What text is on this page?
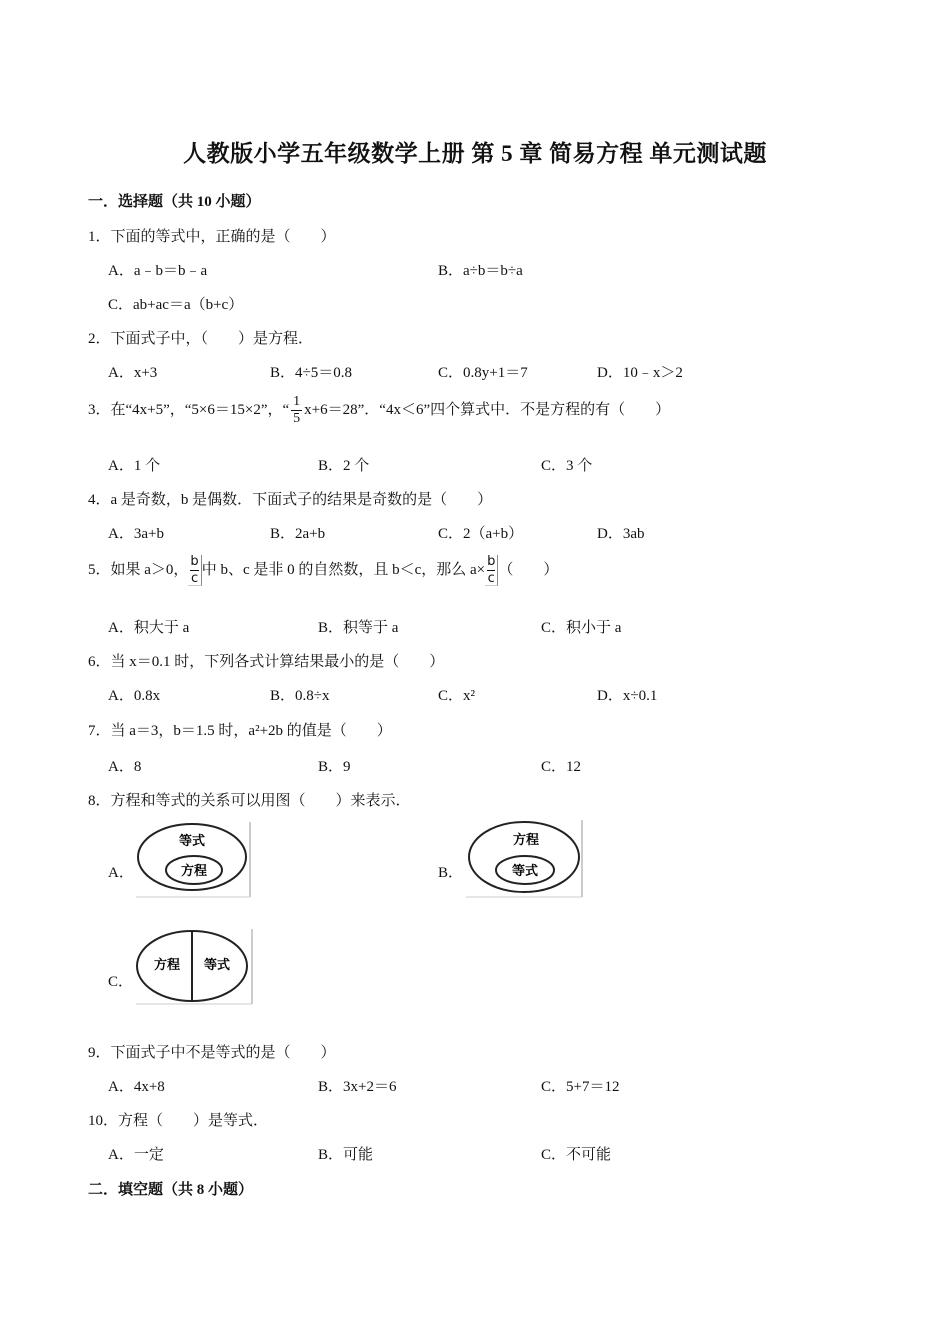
人教版小学五年级数学上册 第 5 章 简易方程 单元测试题
一．选择题（共 10 小题）
1．下面的等式中，正确的是（　　）
A．a﹣b＝b﹣a	B．a÷b＝b÷a
C．ab+ac＝a（b+c）
2．下面式子中，（　　）是方程．
A．x+3	B．4÷5＝0.8	C．0.8y+1＝7	D．10﹣x＞2
3．在“4x+5”，“5×6＝15×2”，“ $\frac{1}{5} x+6=28$”．“4x＜6”四个算式中．不是方程的有（　　）
A．1 个	B．2 个	C．3 个
4．a 是奇数，b 是偶数．下面式子的结果是奇数的是（　　）
A．3a+b	B．2a+b	C．2（a+b）	D．3ab
5．如果 a＞0， $\frac{b}{c}$ 中 b、c 是非 0 的自然数，且 b＜c，那么 $a\times \frac{b}{c}$ （　　）
A．积大于 a	B．积等于 a	C．积小于 a
6．当 x＝0.1 时，下列各式计算结果最小的是（　　）
A．0.8x	B．0.8÷x	C．x²	D．x÷0.1
7．当 a＝3，b＝1.5 时，a²+2b 的值是（　　）
A．8	B．9	C．12
8．方程和等式的关系可以用图（　　）来表示．
A．
等式
方程	B．
方程
等式
C．
方程 等式
9．下面式子中不是等式的是（　　）
A．4x+8	B．3x+2＝6	C．5+7＝12
10．方程（　　）是等式．
A．一定	B．可能	C．不可能
二．填空题（共 8 小题）
